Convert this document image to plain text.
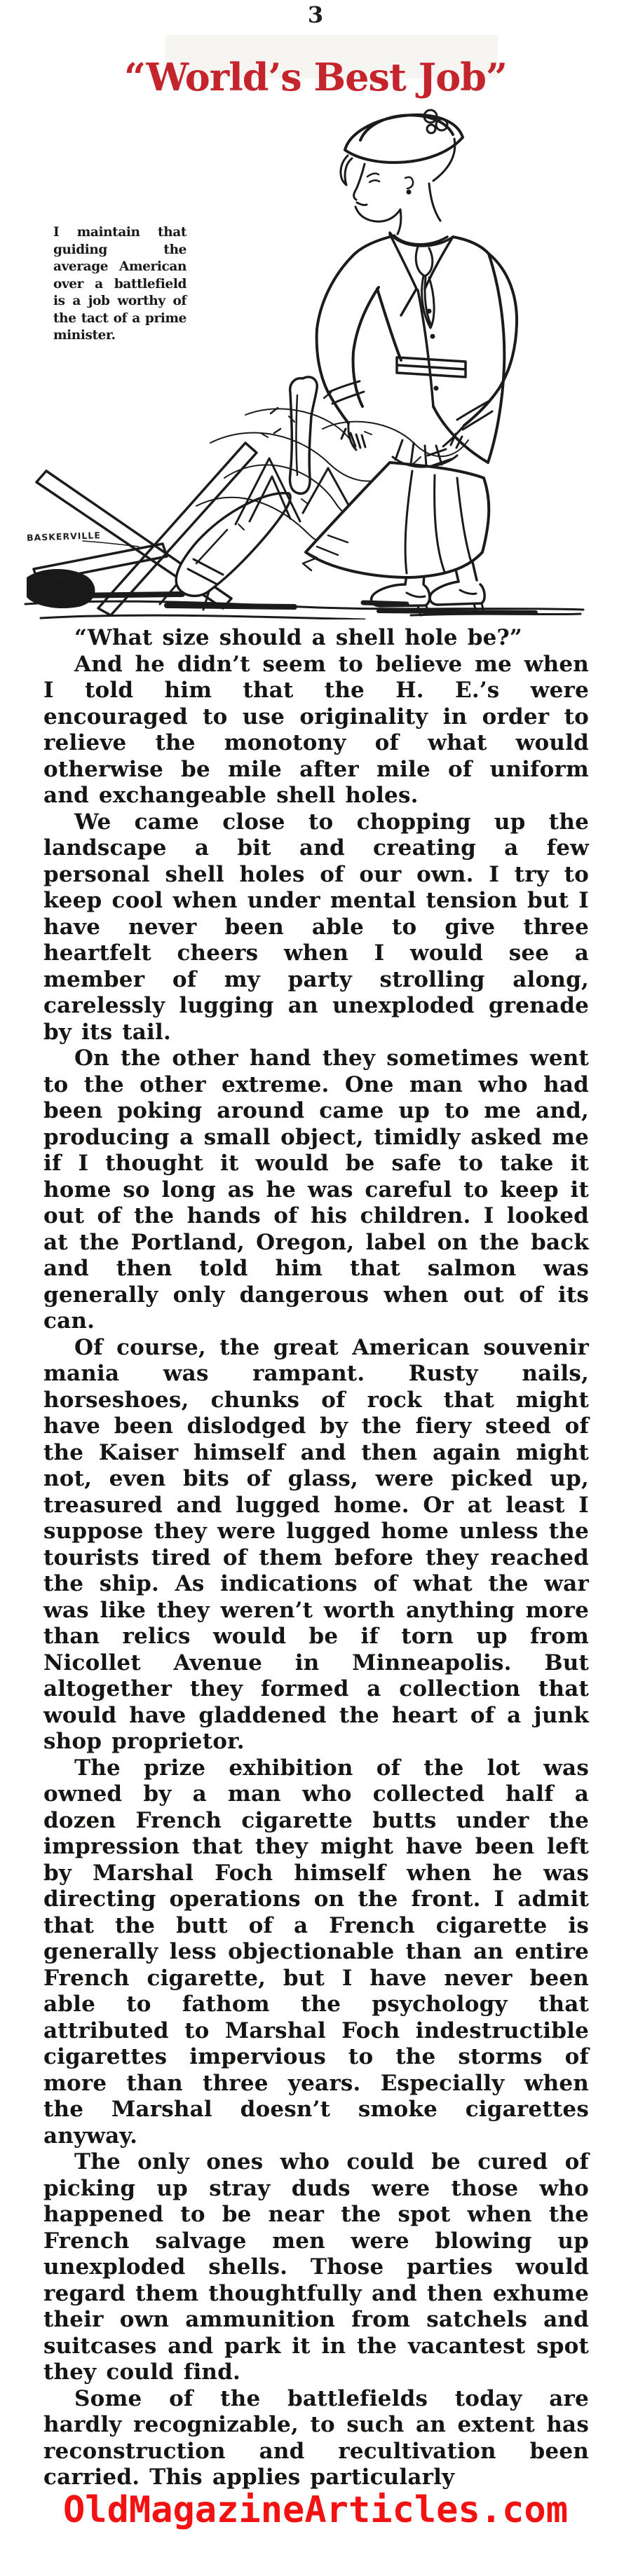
3
“World’s Best Job”
I maintain that guiding the average American over a battlefield is a job worthy of the tact of a prime minister.
BASKERVILLE

“What size should a shell hole be?”

And he didn’t seem to believe me when I told him that the H. E.’s were encouraged to use originality in order to relieve the monotony of what would otherwise be mile after mile of uniform and exchangeable shell holes.

We came close to chopping up the landscape a bit and creating a few personal shell holes of our own. I try to keep cool when under mental tension but I have never been able to give three heartfelt cheers when I would see a member of my party strolling along, carelessly lugging an unexploded grenade by its tail.

On the other hand they sometimes went to the other extreme. One man who had been poking around came up to me and, producing a small object, timidly asked me if I thought it would be safe to take it home so long as he was careful to keep it out of the hands of his children. I looked at the Portland, Oregon, label on the back and then told him that salmon was generally only dangerous when out of its can.

Of course, the great American souvenir mania was rampant. Rusty nails, horseshoes, chunks of rock that might have been dislodged by the fiery steed of the Kaiser himself and then again might not, even bits of glass, were picked up, treasured and lugged home. Or at least I suppose they were lugged home unless the tourists tired of them before they reached the ship. As indications of what the war was like they weren’t worth anything more than relics would be if torn up from Nicollet Avenue in Minneapolis. But altogether they formed a collection that would have gladdened the heart of a junk shop proprietor.

The prize exhibition of the lot was owned by a man who collected half a dozen French cigarette butts under the impression that they might have been left by Marshal Foch himself when he was directing operations on the front. I admit that the butt of a French cigarette is generally less objectionable than an entire French cigarette, but I have never been able to fathom the psychology that attributed to Marshal Foch indestructible cigarettes impervious to the storms of more than three years. Especially when the Marshal doesn’t smoke cigarettes anyway.

The only ones who could be cured of picking up stray duds were those who happened to be near the spot when the French salvage men were blowing up unexploded shells. Those parties would regard them thoughtfully and then exhume their own ammunition from satchels and suitcases and park it in the vacantest spot they could find.

Some of the battlefields today are hardly recognizable, to such an extent has reconstruction and recultivation been carried. This applies particularly

OldMagazineArticles.com
